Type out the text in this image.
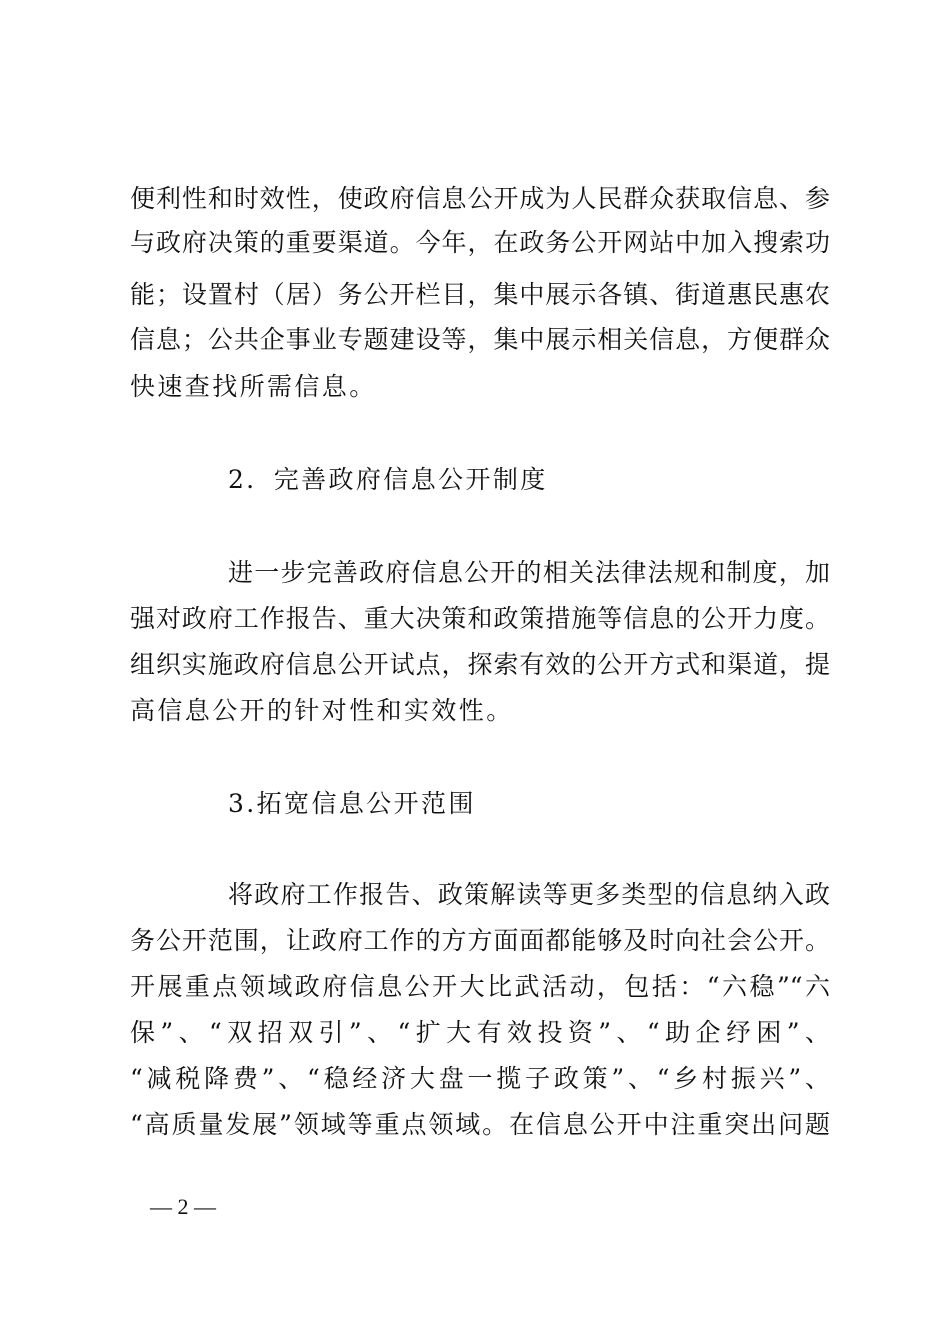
便利性和时效性，使政府信息公开成为人民群众获取信息、参
与政府决策的重要渠道。今年，在政务公开网站中加入搜索功
能；设置村（居）务公开栏目，集中展示各镇、街道惠民惠农
信息；公共企事业专题建设等，集中展示相关信息，方便群众
快速查找所需信息。
2．完善政府信息公开制度
进一步完善政府信息公开的相关法律法规和制度，加
强对政府工作报告、重大决策和政策措施等信息的公开力度。
组织实施政府信息公开试点，探索有效的公开方式和渠道，提
高信息公开的针对性和实效性。
3.拓宽信息公开范围
将政府工作报告、政策解读等更多类型的信息纳入政
务公开范围，让政府工作的方方面面都能够及时向社会公开。
开展重点领域政府信息公开大比武活动，包括：“六稳”“六
保”、“双招双引”、“扩大有效投资”、“助企纾困”、
“减税降费”、“稳经济大盘一揽子政策”、“乡村振兴”、
“高质量发展”领域等重点领域。在信息公开中注重突出问题
— 2 —
